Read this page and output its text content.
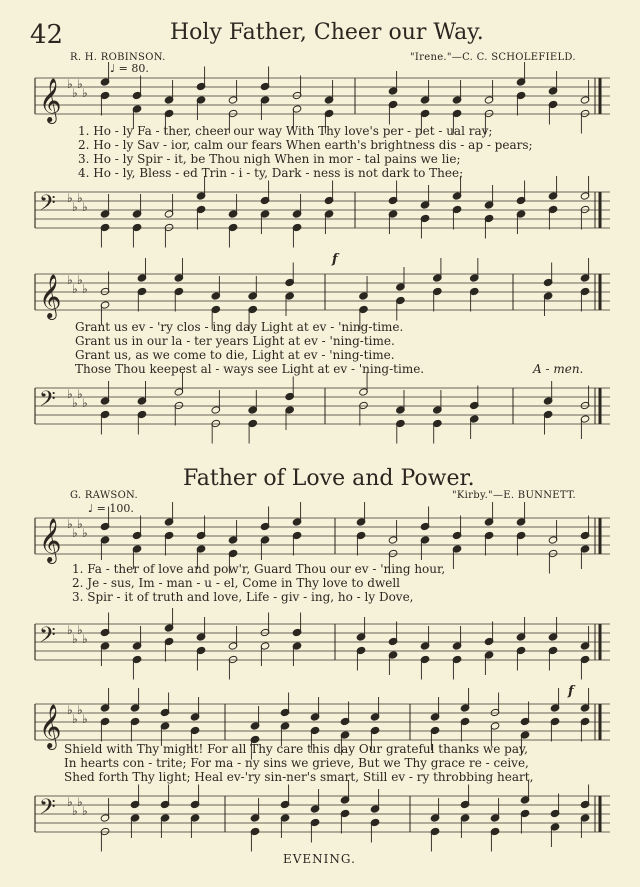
42	Holy Father, Cheer our Way.
R. H. ROBINSON.	"Irene."—C. C. SCHOLEFIELD.
♩ = 80.
𝄞 ♭
♭
♭
♭
1. Ho - ly Fa - ther, cheer our way With Thy love's per - pet - ual ray;
2. Ho - ly Sav - ior, calm our fears When earth's brightness dis - ap - pears;
3. Ho - ly Spir - it, be Thou nigh When in mor - tal pains we lie;
4. Ho - ly, Bless - ed Trin - i - ty, Dark - ness is not dark to Thee;
𝄢 ♭
♭
♭
♭
f
𝄞 ♭
♭
♭
♭
Grant us ev - 'ry clos - ing day Light at ev - 'ning-time.
Grant us in our la - ter years Light at ev - 'ning-time.
Grant us, as we come to die, Light at ev - 'ning-time.
Those Thou keepest al - ways see Light at ev - 'ning-time.	A - men.
𝄢 ♭
♭
♭
♭
Father of Love and Power.
G. RAWSON.	"Kirby."—E. BUNNETT.
♩ = 100.
𝄞 ♭
♭
♭
♭
1. Fa - ther of love and pow'r, Guard Thou our ev - 'ning hour,
2. Je - sus, Im - man - u - el, Come in Thy love to dwell
3. Spir - it of truth and love, Life - giv - ing, ho - ly Dove,
𝄢 ♭
♭
♭
♭
f
𝄞 ♭
♭
♭
♭
Shield with Thy might! For all Thy care this day Our grateful thanks we pay,
In hearts con - trite; For ma - ny sins we grieve, But we Thy grace re - ceive,
Shed forth Thy light; Heal ev-'ry sin-ner's smart, Still ev - ry throbbing heart,
𝄢 ♭
♭
♭
♭
EVENING.
